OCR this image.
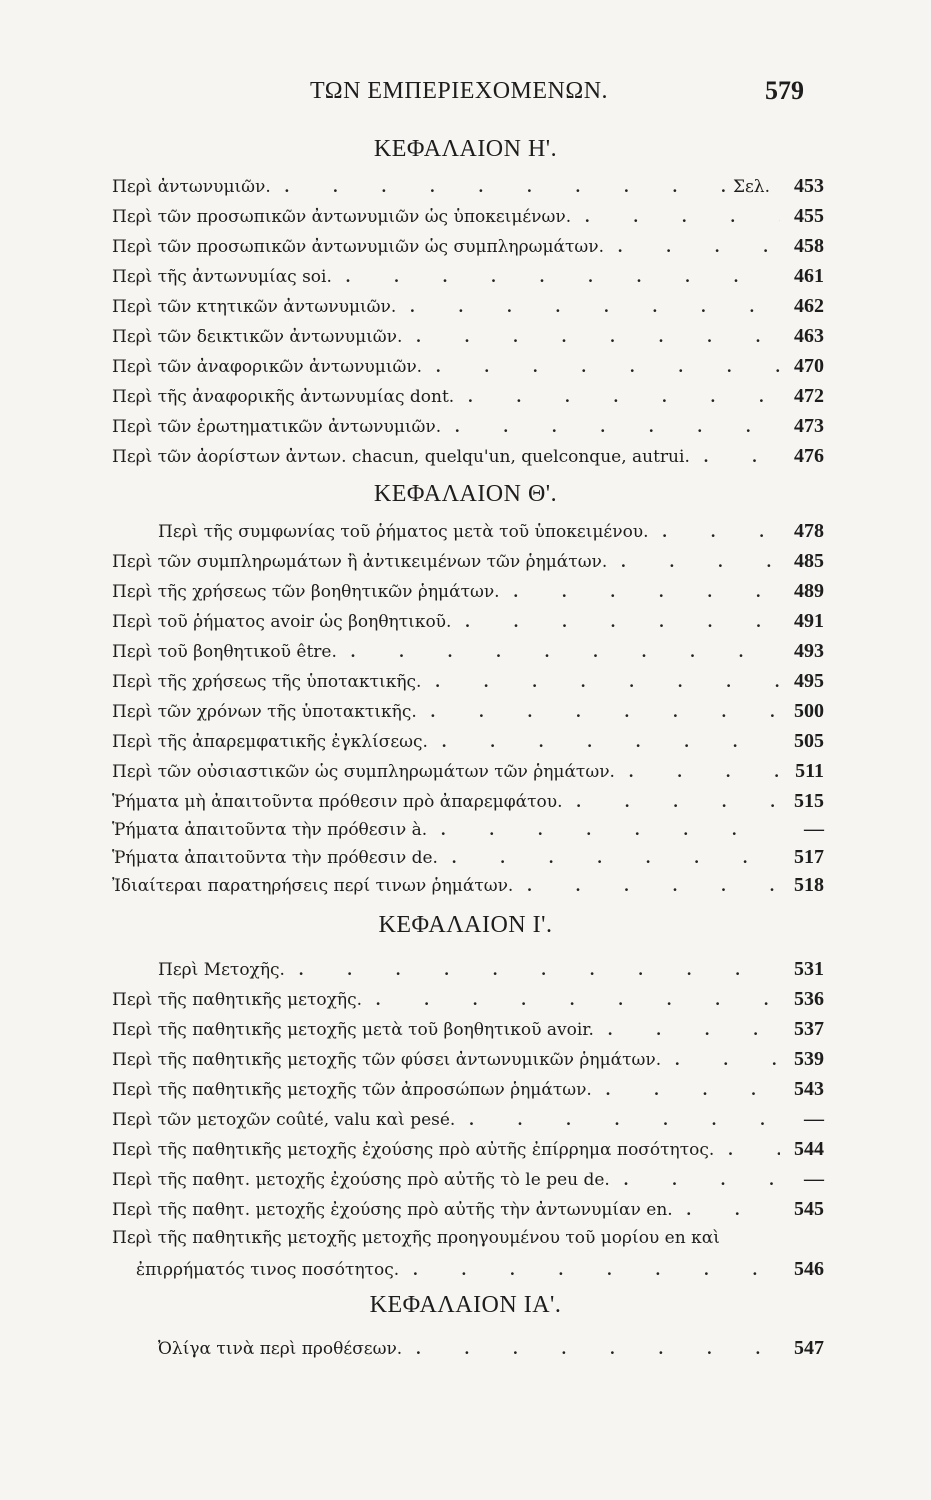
ΤΩΝ ΕΜΠΕΡΙΕΧΟΜΕΝΩΝ.	579
ΚΕΦΑΛΑΙΟΝ Η'.
Περὶ ἀντωνυμιῶν. . . .	Σελ.	453
Περὶ τῶν προσωπικῶν ἀντωνυμιῶν ὡς ὑποκειμένων. . . .	455
Περὶ τῶν προσωπικῶν ἀντωνυμιῶν ὡς συμπληρωμάτων. . . .	458
Περὶ τῆς ἀντωνυμίας soi. . . .	461
Περὶ τῶν κτητικῶν ἀντωνυμιῶν. . . .	462
Περὶ τῶν δεικτικῶν ἀντωνυμιῶν. . . .	463
Περὶ τῶν ἀναφορικῶν ἀντωνυμιῶν. . . .	470
Περὶ τῆς ἀναφορικῆς ἀντωνυμίας dont. . . .	472
Περὶ τῶν ἐρωτηματικῶν ἀντωνυμιῶν. . . .	473
Περὶ τῶν ἀορίστων ἀντων. chacun, quelqu'un, quelconque, autrui. . . .	476
ΚΕΦΑΛΑΙΟΝ Θ'.
Περὶ τῆς συμφωνίας τοῦ ῥήματος μετὰ τοῦ ὑποκειμένου. . . .	478
Περὶ τῶν συμπληρωμάτων ἢ ἀντικειμένων τῶν ῥημάτων. . . .	485
Περὶ τῆς χρήσεως τῶν βοηθητικῶν ῥημάτων. . . .	489
Περὶ τοῦ ῥήματος avoir ὡς βοηθητικοῦ. . . .	491
Περὶ τοῦ βοηθητικοῦ être. . . .	493
Περὶ τῆς χρήσεως τῆς ὑποτακτικῆς. . . .	495
Περὶ τῶν χρόνων τῆς ὑποτακτικῆς. . . .	500
Περὶ τῆς ἀπαρεμφατικῆς ἐγκλίσεως. . . .	505
Περὶ τῶν οὐσιαστικῶν ὡς συμπληρωμάτων τῶν ῥημάτων. . . .	511
Ῥήματα μὴ ἀπαιτοῦντα πρόθεσιν πρὸ ἀπαρεμφάτου. . . .	515
Ῥήματα ἀπαιτοῦντα τὴν πρόθεσιν à. . . .	—
Ῥήματα ἀπαιτοῦντα τὴν πρόθεσιν de. . . .	517
Ἰδιαίτεραι παρατηρήσεις περί τινων ῥημάτων. . . .	518
ΚΕΦΑΛΑΙΟΝ Ι'.
Περὶ Μετοχῆς. . . .	531
Περὶ τῆς παθητικῆς μετοχῆς. . . .	536
Περὶ τῆς παθητικῆς μετοχῆς μετὰ τοῦ βοηθητικοῦ avoir. . . .	537
Περὶ τῆς παθητικῆς μετοχῆς τῶν φύσει ἀντωνυμικῶν ῥημάτων. . . .	539
Περὶ τῆς παθητικῆς μετοχῆς τῶν ἀπροσώπων ῥημάτων. . . .	543
Περὶ τῶν μετοχῶν coûté, valu καὶ pesé. . . .	—
Περὶ τῆς παθητικῆς μετοχῆς ἐχούσης πρὸ αὐτῆς ἐπίρρημα ποσότητος. . . .	544
Περὶ τῆς παθητ. μετοχῆς ἐχούσης πρὸ αὐτῆς τὸ le peu de. . . .	—
Περὶ τῆς παθητ. μετοχῆς ἐχούσης πρὸ αὐτῆς τὴν ἀντωνυμίαν en. . . .	545
Περὶ τῆς παθητικῆς μετοχῆς μετοχῆς προηγουμένου τοῦ μορίου en καὶ
ἐπιρρήματός τινος ποσότητος. . . .	546
ΚΕΦΑΛΑΙΟΝ ΙΑ'.
Ὀλίγα τινὰ περὶ προθέσεων. . . .	547
